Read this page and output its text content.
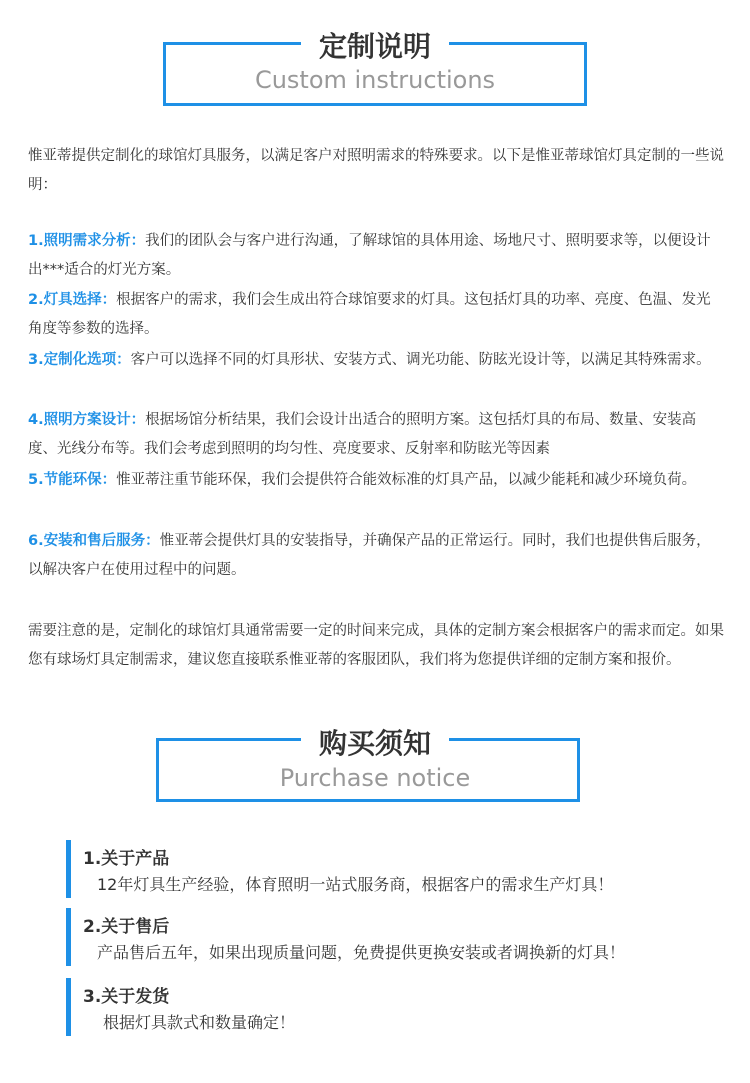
定制说明
Custom instructions

惟亚蒂提供定制化的球馆灯具服务，以满足客户对照明需求的特殊要求。以下是惟亚蒂球馆灯具定制的一些说明：

1.照明需求分析：我们的团队会与客户进行沟通，了解球馆的具体用途、场地尺寸、照明要求等，以便设计出***适合的灯光方案。

2.灯具选择：根据客户的需求，我们会生成出符合球馆要求的灯具。这包括灯具的功率、亮度、色温、发光角度等参数的选择。

3.定制化选项：客户可以选择不同的灯具形状、安装方式、调光功能、防眩光设计等，以满足其特殊需求。

4.照明方案设计：根据场馆分析结果，我们会设计出适合的照明方案。这包括灯具的布局、数量、安装高度、光线分布等。我们会考虑到照明的均匀性、亮度要求、反射率和防眩光等因素

5.节能环保：惟亚蒂注重节能环保，我们会提供符合能效标准的灯具产品，以减少能耗和减少环境负荷。

6.安装和售后服务：惟亚蒂会提供灯具的安装指导，并确保产品的正常运行。同时，我们也提供售后服务，以解决客户在使用过程中的问题。

需要注意的是，定制化的球馆灯具通常需要一定的时间来完成，具体的定制方案会根据客户的需求而定。如果您有球场灯具定制需求，建议您直接联系惟亚蒂的客服团队，我们将为您提供详细的定制方案和报价。

购买须知
Purchase notice
1.关于产品
12年灯具生产经验，体育照明一站式服务商，根据客户的需求生产灯具！
2.关于售后
产品售后五年，如果出现质量问题，免费提供更换安装或者调换新的灯具！
3.关于发货
根据灯具款式和数量确定！
